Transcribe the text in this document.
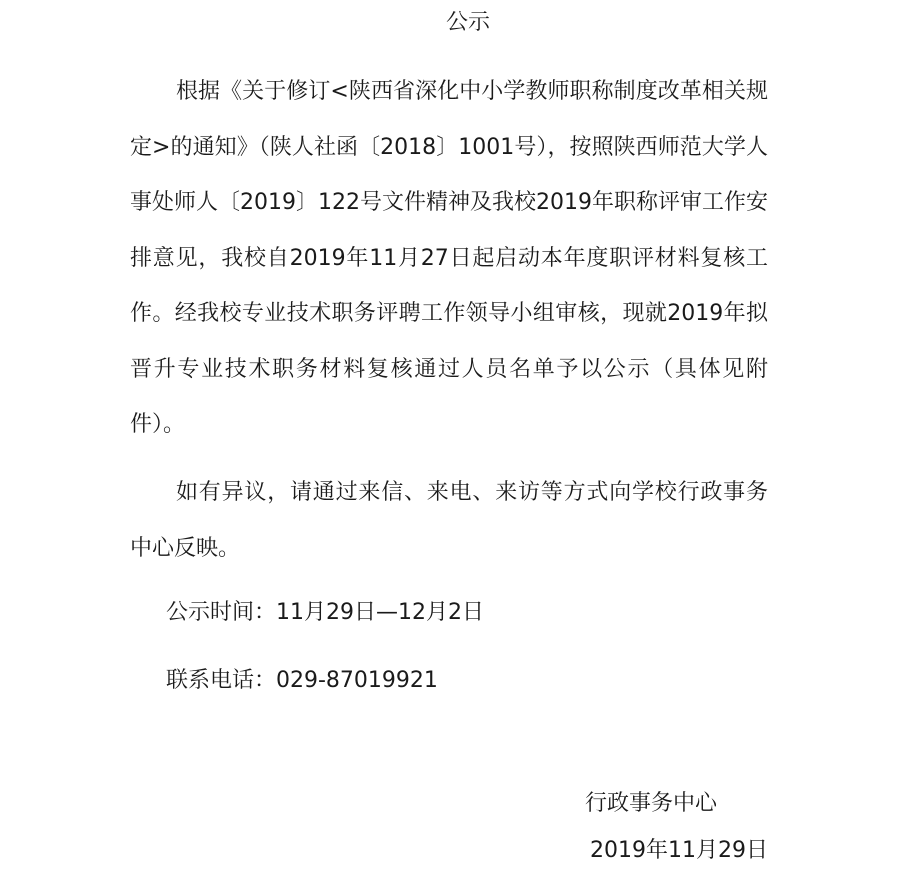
公示

根据《关于修订<陕西省深化中小学教师职称制度改革相关规定>的通知》（陕人社函〔2018〕1001号），按照陕西师范大学人事处师人〔2019〕122号文件精神及我校2019年职称评审工作安排意见，我校自2019年11月27日起启动本年度职评材料复核工作。经我校专业技术职务评聘工作领导小组审核，现就2019年拟晋升专业技术职务材料复核通过人员名单予以公示（具体见附件）。

如有异议，请通过来信、来电、来访等方式向学校行政事务中心反映。

公示时间：11月29日—12月2日
联系电话：029-87019921
行政事务中心
2019年11月29日
